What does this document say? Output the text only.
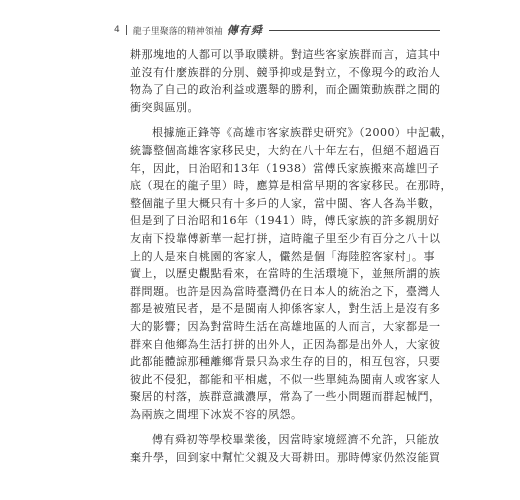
4 龍子里聚落的精神領袖 傳有舜

耕那塊地的人都可以爭取贌耕。對這些客家族群而言，這其中
並沒有什麼族群的分別、競爭抑或是對立，不像現今的政治人
物為了自己的政治利益或選舉的勝利，而企圖策動族群之間的
衝突與區別。

根據施正鋒等《高雄市客家族群史研究》（2000）中記載，
統籌整個高雄客家移民史，大約在八十年左右，但絕不超過百
年，因此，日治昭和13年（1938）當傅氏家族搬來高雄凹子
底（現在的龍子里）時，應算是相當早期的客家移民。在那時，
整個龍子里大概只有十多戶的人家，當中閩、客人各為半數，
但是到了日治昭和16年（1941）時，傅氏家族的許多親朋好
友南下投靠傅新華一起打拼，這時龍子里至少有百分之八十以
上的人是來自桃園的客家人，儼然是個「海陸腔客家村」。事
實上，以歷史觀點看來，在當時的生活環境下，並無所謂的族
群問題。也許是因為當時臺灣仍在日本人的統治之下，臺灣人
都是被殖民者，是不是閩南人抑係客家人，對生活上是沒有多
大的影響；因為對當時生活在高雄地區的人而言，大家都是一
群來自他鄉為生活打拼的出外人，正因為都是出外人，大家彼
此都能體諒那種離鄉背景只為求生存的目的，相互包容，只要
彼此不侵犯，都能和平相處，不似一些單純為閩南人或客家人
聚居的村落，族群意識濃厚，常為了一些小問題而群起械鬥，
為兩族之間埋下冰炭不容的夙怨。

傅有舜初等學校畢業後，因當時家境經濟不允許，只能放
棄升學，回到家中幫忙父親及大哥耕田。那時傅家仍然沒能買
